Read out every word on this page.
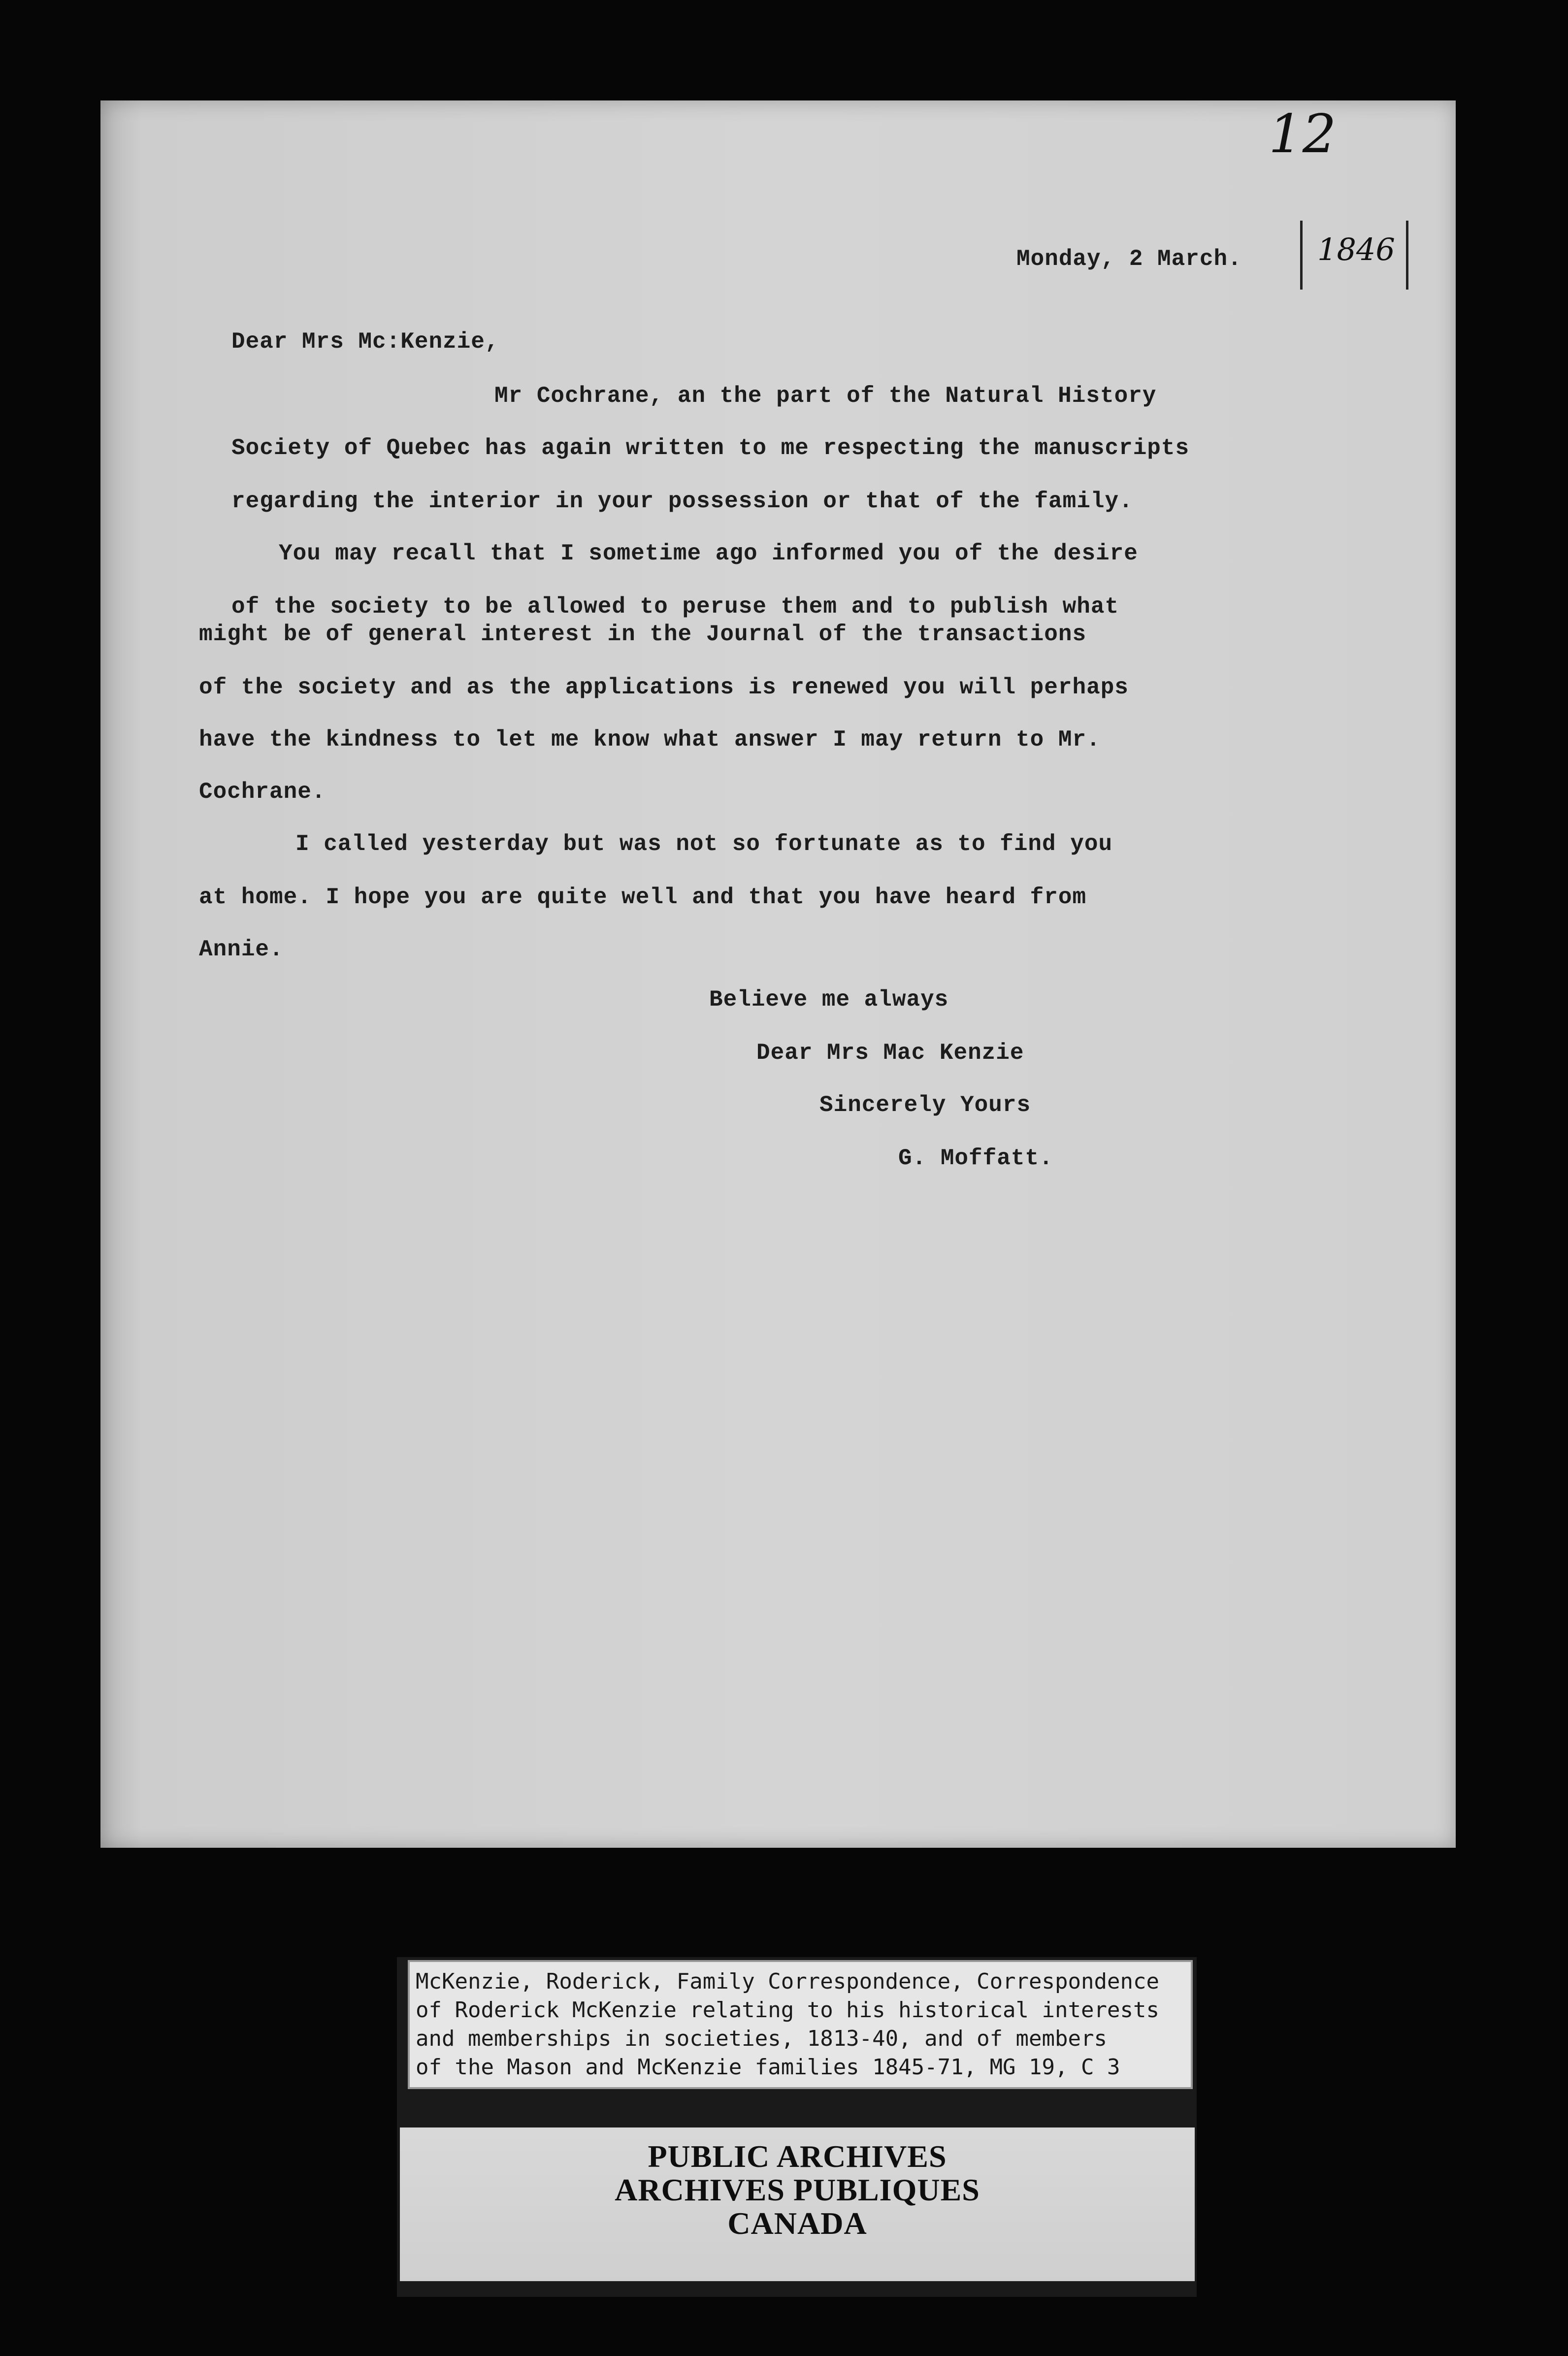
12
Monday, 2 March. 1846
Dear Mrs Mc:Kenzie,
Mr Cochrane, an the part of the Natural History
Society of Quebec has again written to me respecting the manuscripts
regarding the interior in your possession or that of the family.
You may recall that I sometime ago informed you of the desire
of the society to be allowed to peruse them and to publish what
might be of general interest in the Journal of the transactions
of the society and as the applications is renewed you will perhaps
have the kindness to let me know what answer I may return to Mr.
Cochrane.
I called yesterday but was not so fortunate as to find you
at home. I hope you are quite well and that you have heard from
Annie.
Believe me always
Dear Mrs Mac Kenzie
Sincerely Yours
G. Moffatt.
McKenzie, Roderick, Family Correspondence, Correspondence
of Roderick McKenzie relating to his historical interests
and memberships in societies, 1813-40, and of members
of the Mason and McKenzie families 1845-71, MG 19, C 3
PUBLIC ARCHIVES
ARCHIVES PUBLIQUES
CANADA
